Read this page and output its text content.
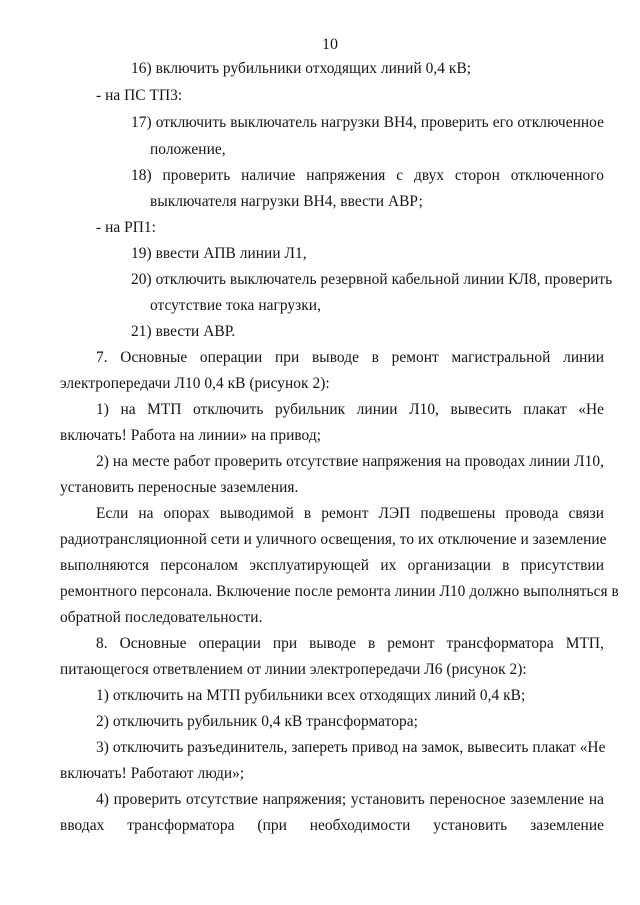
10
16) включить рубильники отходящих линий 0,4 кВ;
- на ПС ТП3:
17) отключить выключатель нагрузки ВН4, проверить его отключенное
положение,
18) проверить наличие напряжения с двух сторон отключенного
выключателя нагрузки ВН4, ввести АВР;
- на РП1:
19) ввести АПВ линии Л1,
20) отключить выключатель резервной кабельной линии КЛ8, проверить
отсутствие тока нагрузки,
21) ввести АВР.
7. Основные операции при выводе в ремонт магистральной линии
электропередачи Л10 0,4 кВ (рисунок 2):
1) на МТП отключить рубильник линии Л10, вывесить плакат «Не
включать! Работа на линии» на привод;
2) на месте работ проверить отсутствие напряжения на проводах линии Л10,
установить переносные заземления.
Если на опорах выводимой в ремонт ЛЭП подвешены провода связи
радиотрансляционной сети и уличного освещения, то их отключение и заземление
выполняются персоналом эксплуатирующей их организации в присутствии
ремонтного персонала. Включение после ремонта линии Л10 должно выполняться в
обратной последовательности.
8. Основные операции при выводе в ремонт трансформатора МТП,
питающегося ответвлением от линии электропередачи Л6 (рисунок 2):
1) отключить на МТП рубильники всех отходящих линий 0,4 кВ;
2) отключить рубильник 0,4 кВ трансформатора;
3) отключить разъединитель, запереть привод на замок, вывесить плакат «Не
включать! Работают люди»;
4) проверить отсутствие напряжения; установить переносное заземление на
вводах трансформатора (при необходимости установить заземление
